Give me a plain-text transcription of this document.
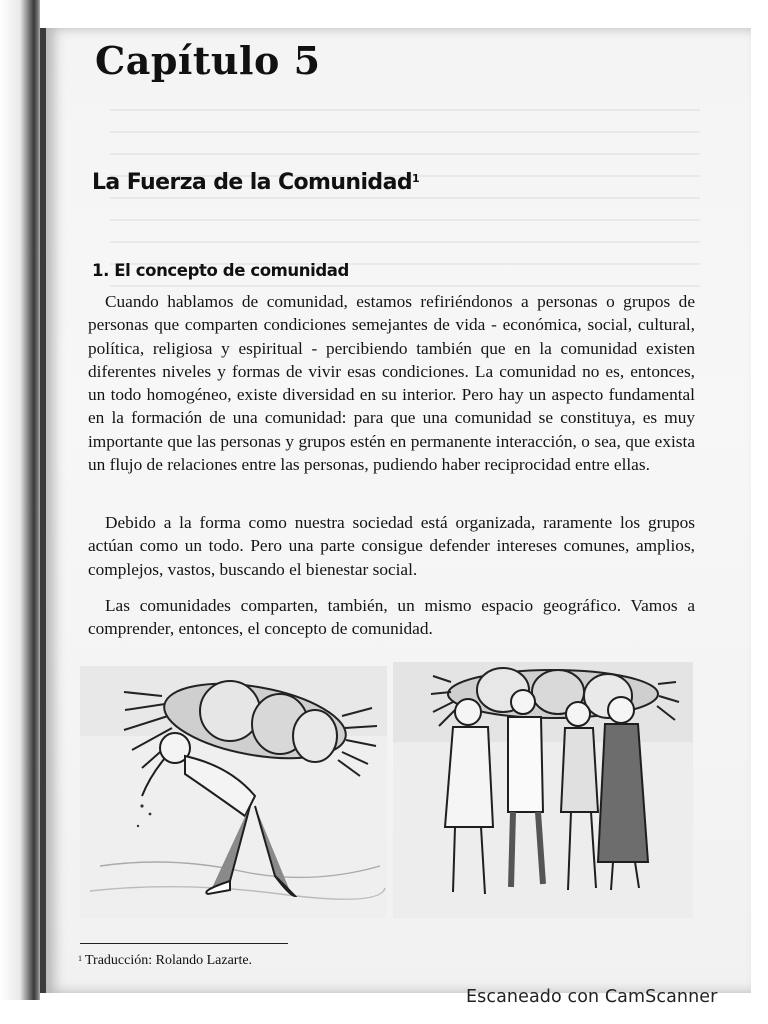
Capítulo 5
La Fuerza de la Comunidad$^1$
1. El concepto de comunidad

Cuando hablamos de comunidad, estamos refiriéndonos a personas o grupos de personas que comparten condiciones semejantes de vida - económica, social, cultural, política, religiosa y espiritual - percibiendo también que en la comunidad existen diferentes niveles y formas de vivir esas condiciones. La comunidad no es, entonces, un todo homogéneo, existe diversidad en su interior. Pero hay un aspecto fundamental en la formación de una comunidad: para que una comunidad se constituya, es muy importante que las personas y grupos estén en permanente interacción, o sea, que exista un flujo de relaciones entre las personas, pudiendo haber reciprocidad entre ellas.

Debido a la forma como nuestra sociedad está organizada, raramente los grupos actúan como un todo. Pero una parte consigue defender intereses comunes, amplios, complejos, vastos, buscando el bienestar social.

Las comunidades comparten, también, un mismo espacio geográfico. Vamos a comprender, entonces, el concepto de comunidad.

$^1$ Traducción: Rolando Lazarte.
Escaneado con CamScanner
